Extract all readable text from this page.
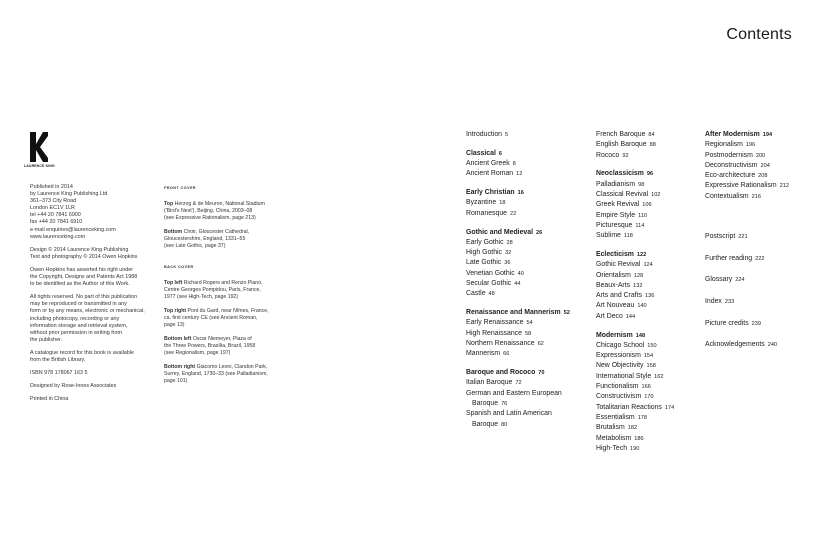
Contents
LAURENCE KING

Published in 2014
by Laurence King Publishing Ltd
361–373 City Road
London EC1V 1LR
tel +44 20 7841 6900
fax +44 20 7841 6910
e-mail enquiries@laurenceking.com
www.laurenceking.com

Design © 2014 Laurence King Publishing
Text and photography © 2014 Owen Hopkins

Owen Hopkins has asserted his right under
the Copyright, Designs and Patents Act 1988
to be identified as the Author of this Work.

All rights reserved. No part of this publication
may be reproduced or transmitted in any
form or by any means, electronic or mechanical,
including photocopy, recording or any
information storage and retrieval system,
without prior permission in writing from
the publisher.

A catalogue record for this book is available
from the British Library.

ISBN 978 178067 163 5

Designed by Rose-Innes Associates

Printed in China

FRONT COVER
Top Herzog & de Meuron, National Stadium
('Bird's Nest'), Beijing, China, 2003–08
(see Expressive Rationalism, page 213)
Bottom Choir, Gloucester Cathedral,
Gloucestershire, England, 1331–55
(see Late Gothic, page 37)
BACK COVER
Top left Richard Rogers and Renzo Piano,
Centre Georges Pompidou, Paris, France,
1977 (see High-Tech, page 192)
Top right Pont du Gard, near Nîmes, France,
ca. first century CE (see Ancient Roman,
page 13)
Bottom left Oscar Niemeyer, Plaza of
the Three Powers, Brasília, Brazil, 1958
(see Regionalism, page 197)
Bottom right Giacomo Leoni, Clandon Park,
Surrey, England, 1730–33 (see Palladianism,
page 101)
Introduction 5
Classical 6
Ancient Greek 8
Ancient Roman 12
Early Christian 16
Byzantine 18
Romanesque 22
Gothic and Medieval 26
Early Gothic 28
High Gothic 32
Late Gothic 36
Venetian Gothic 40
Secular Gothic 44
Castle 48
Renaissance and Mannerism 52
Early Renaissance 54
High Renaissance 58
Northern Renaissance 62
Mannerism 66
Baroque and Rococo 70
Italian Baroque 72
German and Eastern European
Baroque 76
Spanish and Latin American
Baroque 80
French Baroque 84
English Baroque 88
Rococo 92
Neoclassicism 96
Palladianism 98
Classical Revival 102
Greek Revival 106
Empire Style 110
Picturesque 114
Sublime 118
Eclecticism 122
Gothic Revival 124
Orientalism 128
Beaux-Arts 132
Arts and Crafts 136
Art Nouveau 140
Art Deco 144
Modernism 148
Chicago School 150
Expressionism 154
New Objectivity 158
International Style 162
Functionalism 166
Constructivism 170
Totalitarian Reactions 174
Essentialism 178
Brutalism 182
Metabolism 186
High-Tech 190
After Modernism 194
Regionalism 196
Postmodernism 200
Deconstructivism 204
Eco-architecture 208
Expressive Rationalism 212
Contextualism 216
Postscript 221
Further reading 222
Glossary 224
Index 233
Picture credits 239
Acknowledgements 240
